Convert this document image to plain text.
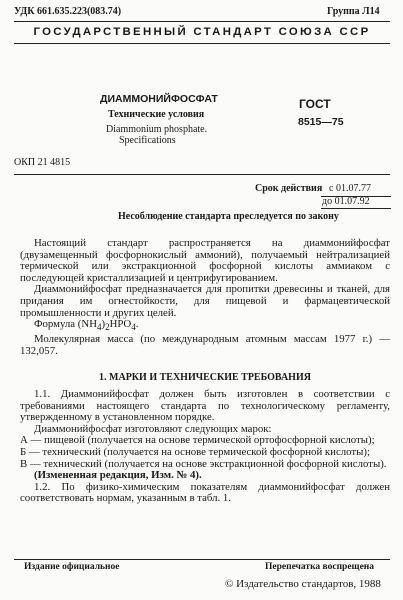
УДК 661.635.223(083.74)	Группа Л14
ГОСУДАРСТВЕННЫЙ СТАНДАРТ СОЮЗА ССР
ДИАММОНИЙФОСФАТ
Технические условия
Diammonium phosphate.
Specifications
ГОСТ
8515—75
ОКП 21 4815
Срок действия с 01.07.77
до 01.07.92
Несоблюдение стандарта преследуется по закону

Настоящий стандарт распространяется на диаммонийфосфат (двузамещенный фосфорнокислый аммоний), получаемый нейтрализацией термической или экстракционной фосфорной кислоты аммиаком с последующей кристаллизацией и центрифугированием.

Диаммонийфосфат предназначается для пропитки древесины и тканей, для придания им огнестойкости, для пищевой и фармацевтической промышленности и других целей.

Формула $(NH_4)_2HPO_4$.

Молекулярная масса (по международным атомным массам 1977 г.) — 132,057.

1. МАРКИ И ТЕХНИЧЕСКИЕ ТРЕБОВАНИЯ

1.1. Диаммонийфосфат должен быть изготовлен в соответствии с требованиями настоящего стандарта по технологическому регламенту, утвержденному в установленном порядке.

Диаммонийфосфат изготовляют следующих марок:

А — пищевой (получается на основе термической ортофосфорной кислоты);

Б — технический (получается на основе термической фосфорной кислоты);

В — технический (получается на основе экстракционной фосфорной кислоты).

(Измененная редакция, Изм. № 4).

1.2. По физико-химическим показателям диаммонийфосфат должен соответствовать нормам, указанным в табл. 1.

Издание официальное	Перепечатка воспрещена
© Издательство стандартов, 1988
